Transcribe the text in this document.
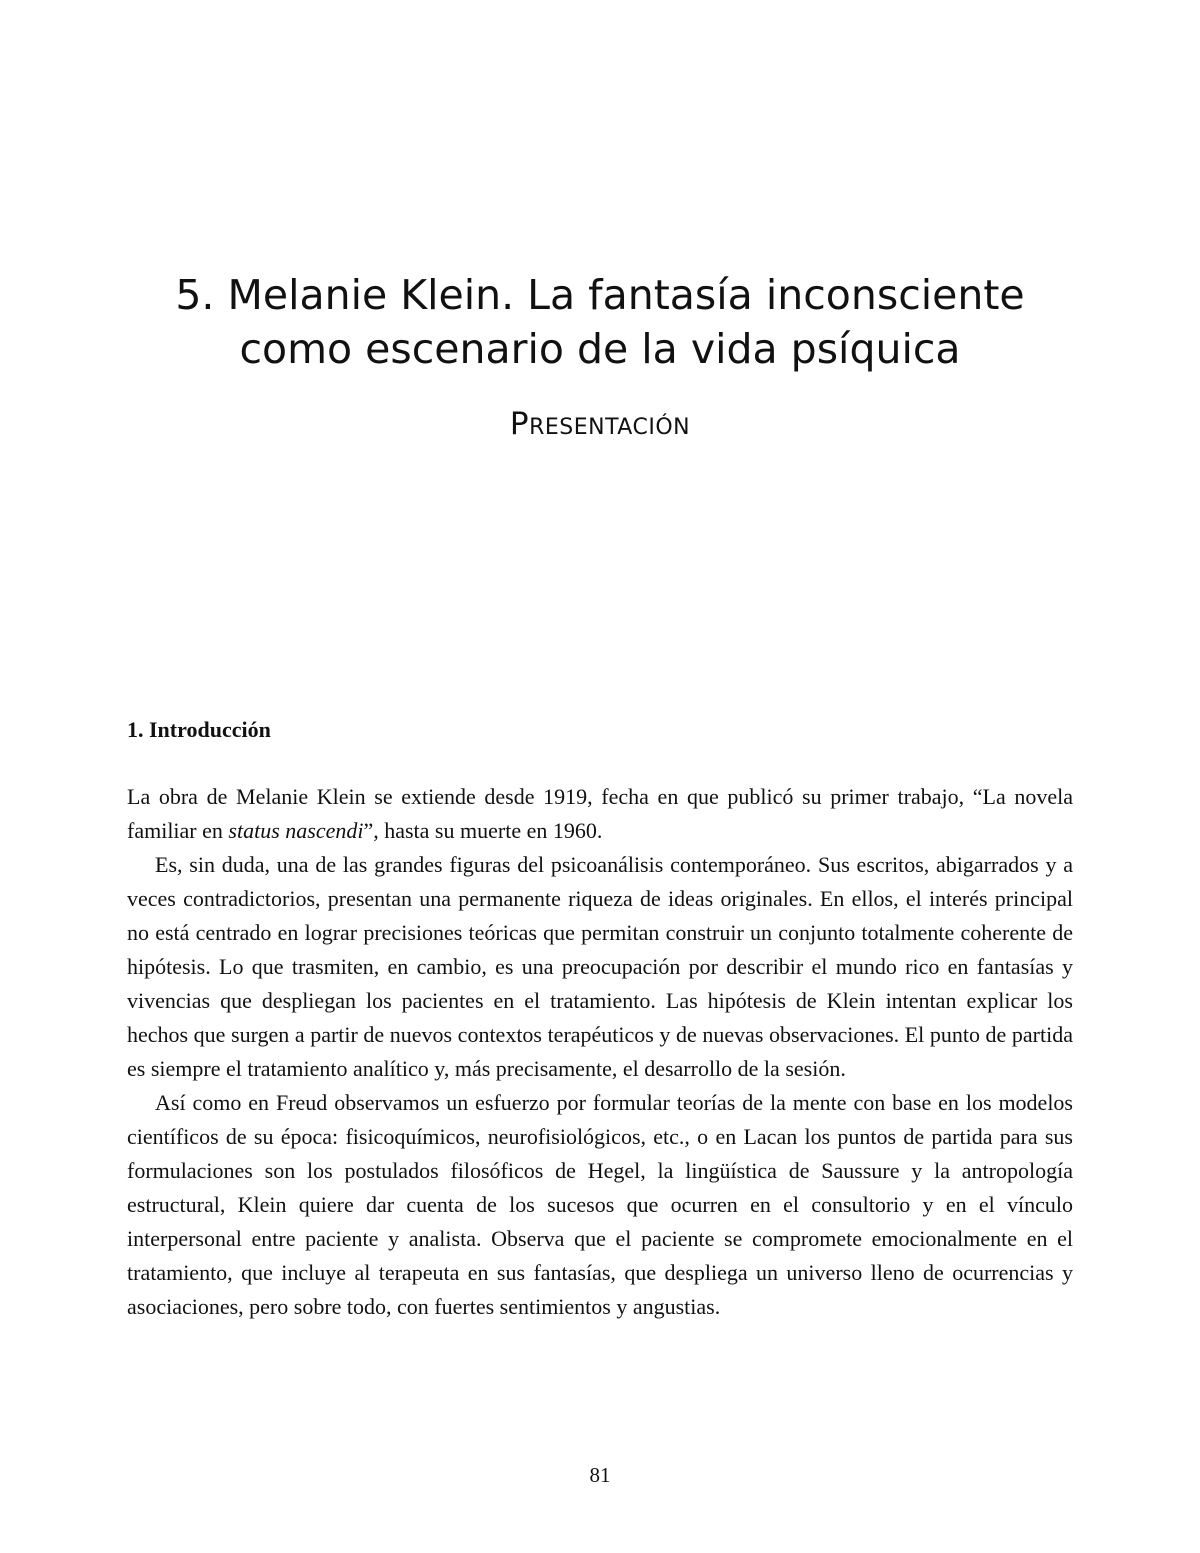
5. Melanie Klein. La fantasía inconsciente
como escenario de la vida psíquica
Presentación
1. Introducción

La obra de Melanie Klein se extiende desde 1919, fecha en que publicó su primer trabajo, “La novela familiar en status nascendi”, hasta su muerte en 1960.

Es, sin duda, una de las grandes figuras del psicoanálisis contemporáneo. Sus escritos, abigarrados y a veces contradictorios, presentan una permanente riqueza de ideas originales. En ellos, el interés principal no está centrado en lograr precisiones teóricas que permitan construir un conjunto totalmente coherente de hipótesis. Lo que trasmiten, en cambio, es una preocupación por describir el mundo rico en fantasías y vivencias que despliegan los pacientes en el tratamiento. Las hipótesis de Klein intentan explicar los hechos que surgen a partir de nuevos contextos terapéuticos y de nuevas observaciones. El punto de partida es siempre el tratamiento analítico y, más precisamente, el desarrollo de la sesión.

Así como en Freud observamos un esfuerzo por formular teorías de la mente con base en los modelos científicos de su época: fisicoquímicos, neurofisiológicos, etc., o en Lacan los puntos de partida para sus formulaciones son los postulados filosóficos de Hegel, la lingüística de Saussure y la antropología estructural, Klein quiere dar cuenta de los sucesos que ocurren en el consultorio y en el vínculo interpersonal entre paciente y analista. Observa que el paciente se compromete emocionalmente en el tratamiento, que incluye al terapeuta en sus fantasías, que despliega un universo lleno de ocurrencias y asociaciones, pero sobre todo, con fuertes sentimientos y angustias.

81
